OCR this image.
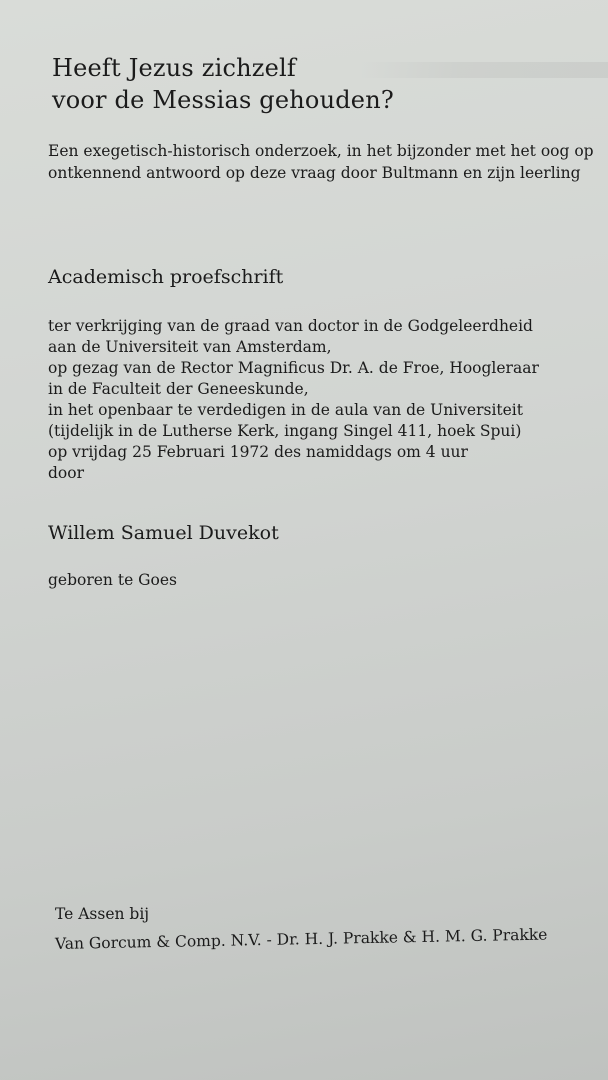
Heeft Jezus zichzelf
voor de Messias gehouden?
Een exegetisch-historisch onderzoek, in het bijzonder met het oog op
ontkennend antwoord op deze vraag door Bultmann en zijn leerling
Academisch proefschrift
ter verkrijging van de graad van doctor in de Godgeleerdheid
aan de Universiteit van Amsterdam,
op gezag van de Rector Magnificus Dr. A. de Froe, Hoogleraar
in de Faculteit der Geneeskunde,
in het openbaar te verdedigen in de aula van de Universiteit
(tijdelijk in de Lutherse Kerk, ingang Singel 411, hoek Spui)
op vrijdag 25 Februari 1972 des namiddags om 4 uur
door
Willem Samuel Duvekot
geboren te Goes
Te Assen bij
Van Gorcum & Comp. N.V. - Dr. H. J. Prakke & H. M. G. Prakke
